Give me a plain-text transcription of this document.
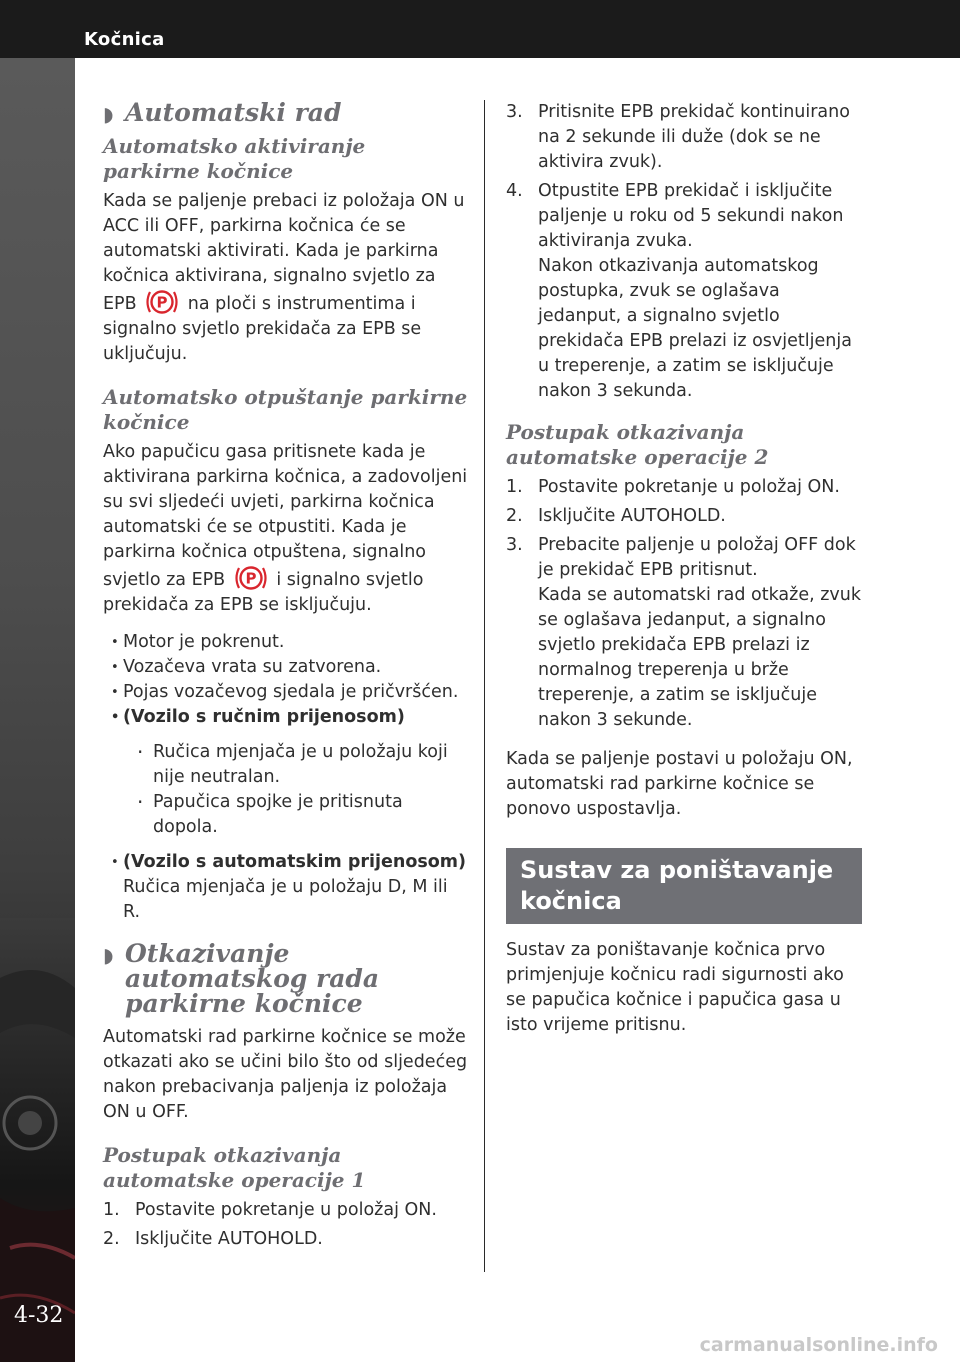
Kočnica
4-32
◗ Automatski rad
Automatsko aktiviranje parkirne kočnice

Kada se paljenje prebaci iz položaja ON u ACC ili OFF, parkirna kočnica će se automatski aktivirati. Kada je parkirna kočnica aktivirana, signalno svjetlo za EPB P na ploči s instrumentima i signalno svjetlo prekidača za EPB se uključuju.

Automatsko otpuštanje parkirne kočnice

Ako papučicu gasa pritisnete kada je aktivirana parkirna kočnica, a zadovoljeni su svi sljedeći uvjeti, parkirna kočnica automatski će se otpustiti. Kada je parkirna kočnica otpuštena, signalno svjetlo za EPB P i signalno svjetlo prekidača za EPB se isključuju.

• Motor je pokrenut.
• Vozačeva vrata su zatvorena.
• Pojas vozačevog sjedala je pričvršćen.
• (Vozilo s ručnim prijenosom)
· Ručica mjenjača je u položaju koji nije neutralan.
· Papučica spojke je pritisnuta dopola.
• (Vozilo s automatskim prijenosom)
Ručica mjenjača je u položaju D, M ili R.
◗ Otkazivanje automatskog rada parkirne kočnice

Automatski rad parkirne kočnice se može otkazati ako se učini bilo što od sljedećeg nakon prebacivanja paljenja iz položaja ON u OFF.

Postupak otkazivanja automatske operacije 1
1. Postavite pokretanje u položaj ON.
2. Isključite AUTOHOLD.
3. Pritisnite EPB prekidač kontinuirano na 2 sekunde ili duže (dok se ne aktivira zvuk).
4. Otpustite EPB prekidač i isključite paljenje u roku od 5 sekundi nakon aktiviranja zvuka.
Nakon otkazivanja automatskog postupka, zvuk se oglašava jedanput, a signalno svjetlo prekidača EPB prelazi iz osvjetljenja u treperenje, a zatim se isključuje nakon 3 sekunda.
Postupak otkazivanja automatske operacije 2
1. Postavite pokretanje u položaj ON.
2. Isključite AUTOHOLD.
3. Prebacite paljenje u položaj OFF dok je prekidač EPB pritisnut.
Kada se automatski rad otkaže, zvuk se oglašava jedanput, a signalno svjetlo prekidača EPB prelazi iz normalnog treperenja u brže treperenje, a zatim se isključuje nakon 3 sekunde.

Kada se paljenje postavi u položaju ON, automatski rad parkirne kočnice se ponovo uspostavlja.

Sustav za poništavanje kočnica

Sustav za poništavanje kočnica prvo primjenjuje kočnicu radi sigurnosti ako se papučica kočnice i papučica gasa u isto vrijeme pritisnu.

carmanualsonline.info
